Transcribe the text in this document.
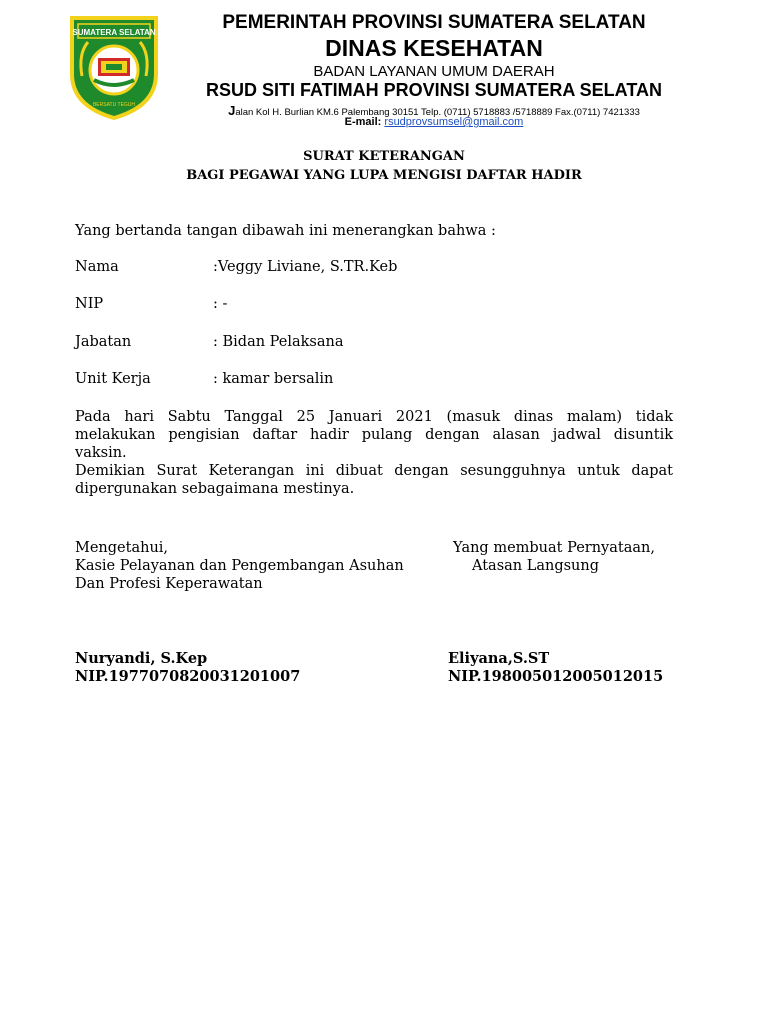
SUMATERA SELATAN
BERSATU TEGUH
PEMERINTAH PROVINSI SUMATERA SELATAN
DINAS KESEHATAN
BADAN LAYANAN UMUM DAERAH
RSUD SITI FATIMAH PROVINSI SUMATERA SELATAN
Jalan Kol H. Burlian KM.6 Palembang 30151 Telp. (0711) 5718883 /5718889 Fax.(0711) 7421333
E-mail: rsudprovsumsel@gmail.com
SURAT KETERANGAN
BAGI PEGAWAI YANG LUPA MENGISI DAFTAR HADIR
Yang bertanda tangan dibawah ini menerangkan bahwa :
Nama	:Veggy Liviane, S.TR.Keb
NIP	: -
Jabatan	: Bidan Pelaksana
Unit Kerja	: kamar bersalin
Pada hari Sabtu Tanggal 25 Januari 2021 (masuk dinas malam) tidak
melakukan pengisian daftar hadir pulang dengan alasan jadwal disuntik
vaksin.
Demikian Surat Keterangan ini dibuat dengan sesungguhnya untuk dapat
dipergunakan sebagaimana mestinya.
Mengetahui,
Kasie Pelayanan dan Pengembangan Asuhan
Dan Profesi Keperawatan
Yang membuat Pernyataan,
Atasan Langsung
Nuryandi, S.Kep
NIP.197707082003120100​7
Eliyana,S.ST
NIP.198005012005012015
